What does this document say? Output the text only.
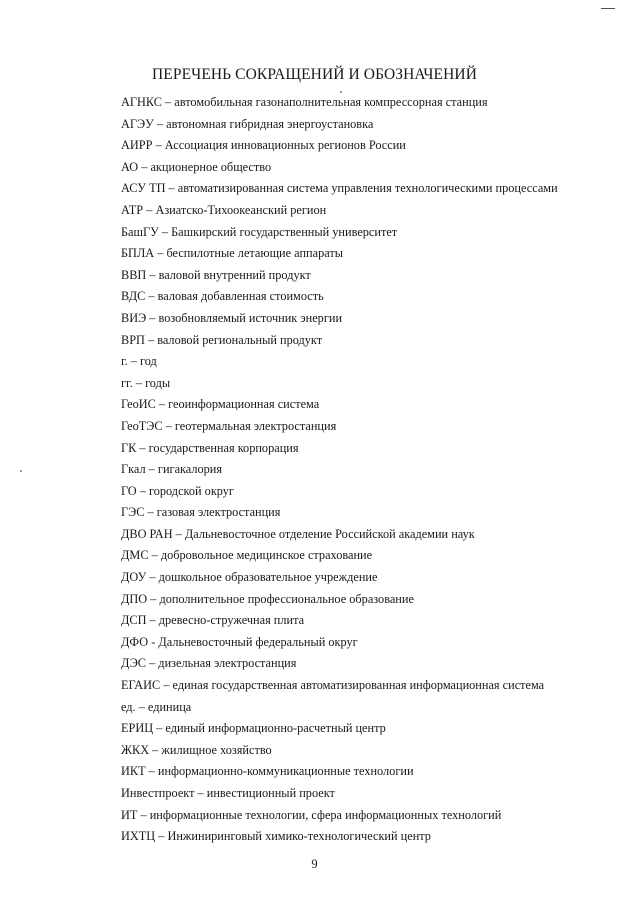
ПЕРЕЧЕНЬ СОКРАЩЕНИЙ И ОБОЗНАЧЕНИЙ
АГНКС – автомобильная газонаполнительная компрессорная станция
АГЭУ – автономная гибридная энергоустановка
АИРР – Ассоциация инновационных регионов России
АО – акционерное общество
АСУ ТП – автоматизированная система управления технологическими процессами
АТР – Азиатско-Тихоокеанский регион
БашГУ – Башкирский государственный университет
БПЛА – беспилотные летающие аппараты
ВВП – валовой внутренний продукт
ВДС – валовая добавленная стоимость
ВИЭ – возобновляемый источник энергии
ВРП – валовой региональный продукт
г. – год
гг. – годы
ГеоИС – геоинформационная система
ГеоТЭС – геотермальная электростанция
ГК – государственная корпорация
Гкал – гигакалория
ГО – городской округ
ГЭС – газовая электростанция
ДВО РАН – Дальневосточное отделение Российской академии наук
ДМС – добровольное медицинское страхование
ДОУ – дошкольное образовательное учреждение
ДПО – дополнительное профессиональное образование
ДСП – древесно-стружечная плита
ДФО - Дальневосточный федеральный округ
ДЭС – дизельная электростанция
ЕГАИС – единая государственная автоматизированная информационная система
ед. – единица
ЕРИЦ – единый информационно-расчетный центр
ЖКХ – жилищное хозяйство
ИКТ – информационно-коммуникационные технологии
Инвестпроект – инвестиционный проект
ИТ – информационные технологии, сфера информационных технологий
ИХТЦ – Инжиниринговый химико-технологический центр
9
